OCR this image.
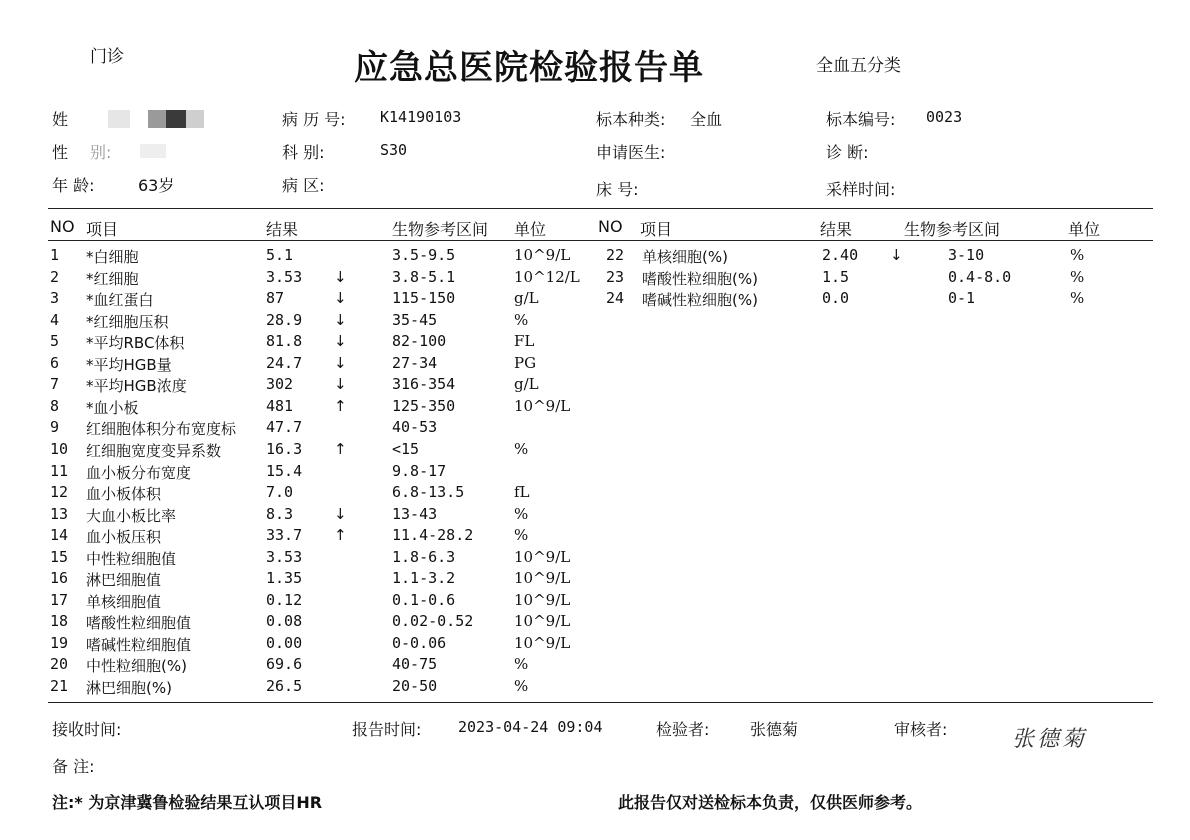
门诊	应急总医院检验报告单	全血五分类
姓
性 别:
年 龄:	63岁
病 历 号: K14190103
科 别:	S30
病 区:
标本种类: 全血
申请医生:
床 号:
标本编号: 0023
诊 断:
采样时间:
NO 项目	结果	生物参考区间 单位	NO 项目	结果	生物参考区间	单位
1 *白细胞	5.1	3.5-9.5	10^9/L
2 *红细胞	3.53 ↓	3.8-5.1	10^12/L
3 *血红蛋白	87	↓	115-150	g/L
4 *红细胞压积	28.9 ↓	35-45	%
5 *平均RBC体积	81.8 ↓	82-100	FL
6 *平均HGB量	24.7 ↓	27-34	PG
7 *平均HGB浓度	302	↓	316-354	g/L
8 *血小板	481	↑	125-350	10^9/L
9 红细胞体积分布宽度标 47.7	40-53
10 红细胞宽度变异系数	16.3 ↑	<15	%
11 血小板分布宽度	15.4	9.8-17
12 血小板体积	7.0	6.8-13.5	fL
13 大血小板比率	8.3	↓	13-43	%
14 血小板压积	33.7 ↑	11.4-28.2	%
15 中性粒细胞值	3.53	1.8-6.3	10^9/L
16 淋巴细胞值	1.35	1.1-3.2	10^9/L
17 单核细胞值	0.12	0.1-0.6	10^9/L
18 嗜酸性粒细胞值	0.08	0.02-0.52	10^9/L
19 嗜碱性粒细胞值	0.00	0-0.06	10^9/L
20 中性粒细胞(%)	69.6	40-75	%
21 淋巴细胞(%)	26.5	20-50	%
22 单核细胞(%)	2.40 ↓	3-10	%
23 嗜酸性粒细胞(%)	1.5	0.4-8.0	%
24 嗜碱性粒细胞(%)	0.0	0-1	%
接收时间:	报告时间: 2023-04-24 09:04	检验者:	张德菊	审核者:	张德菊
备 注:
注:* 为京津冀鲁检验结果互认项目HR	此报告仅对送检标本负责，仅供医师参考。
